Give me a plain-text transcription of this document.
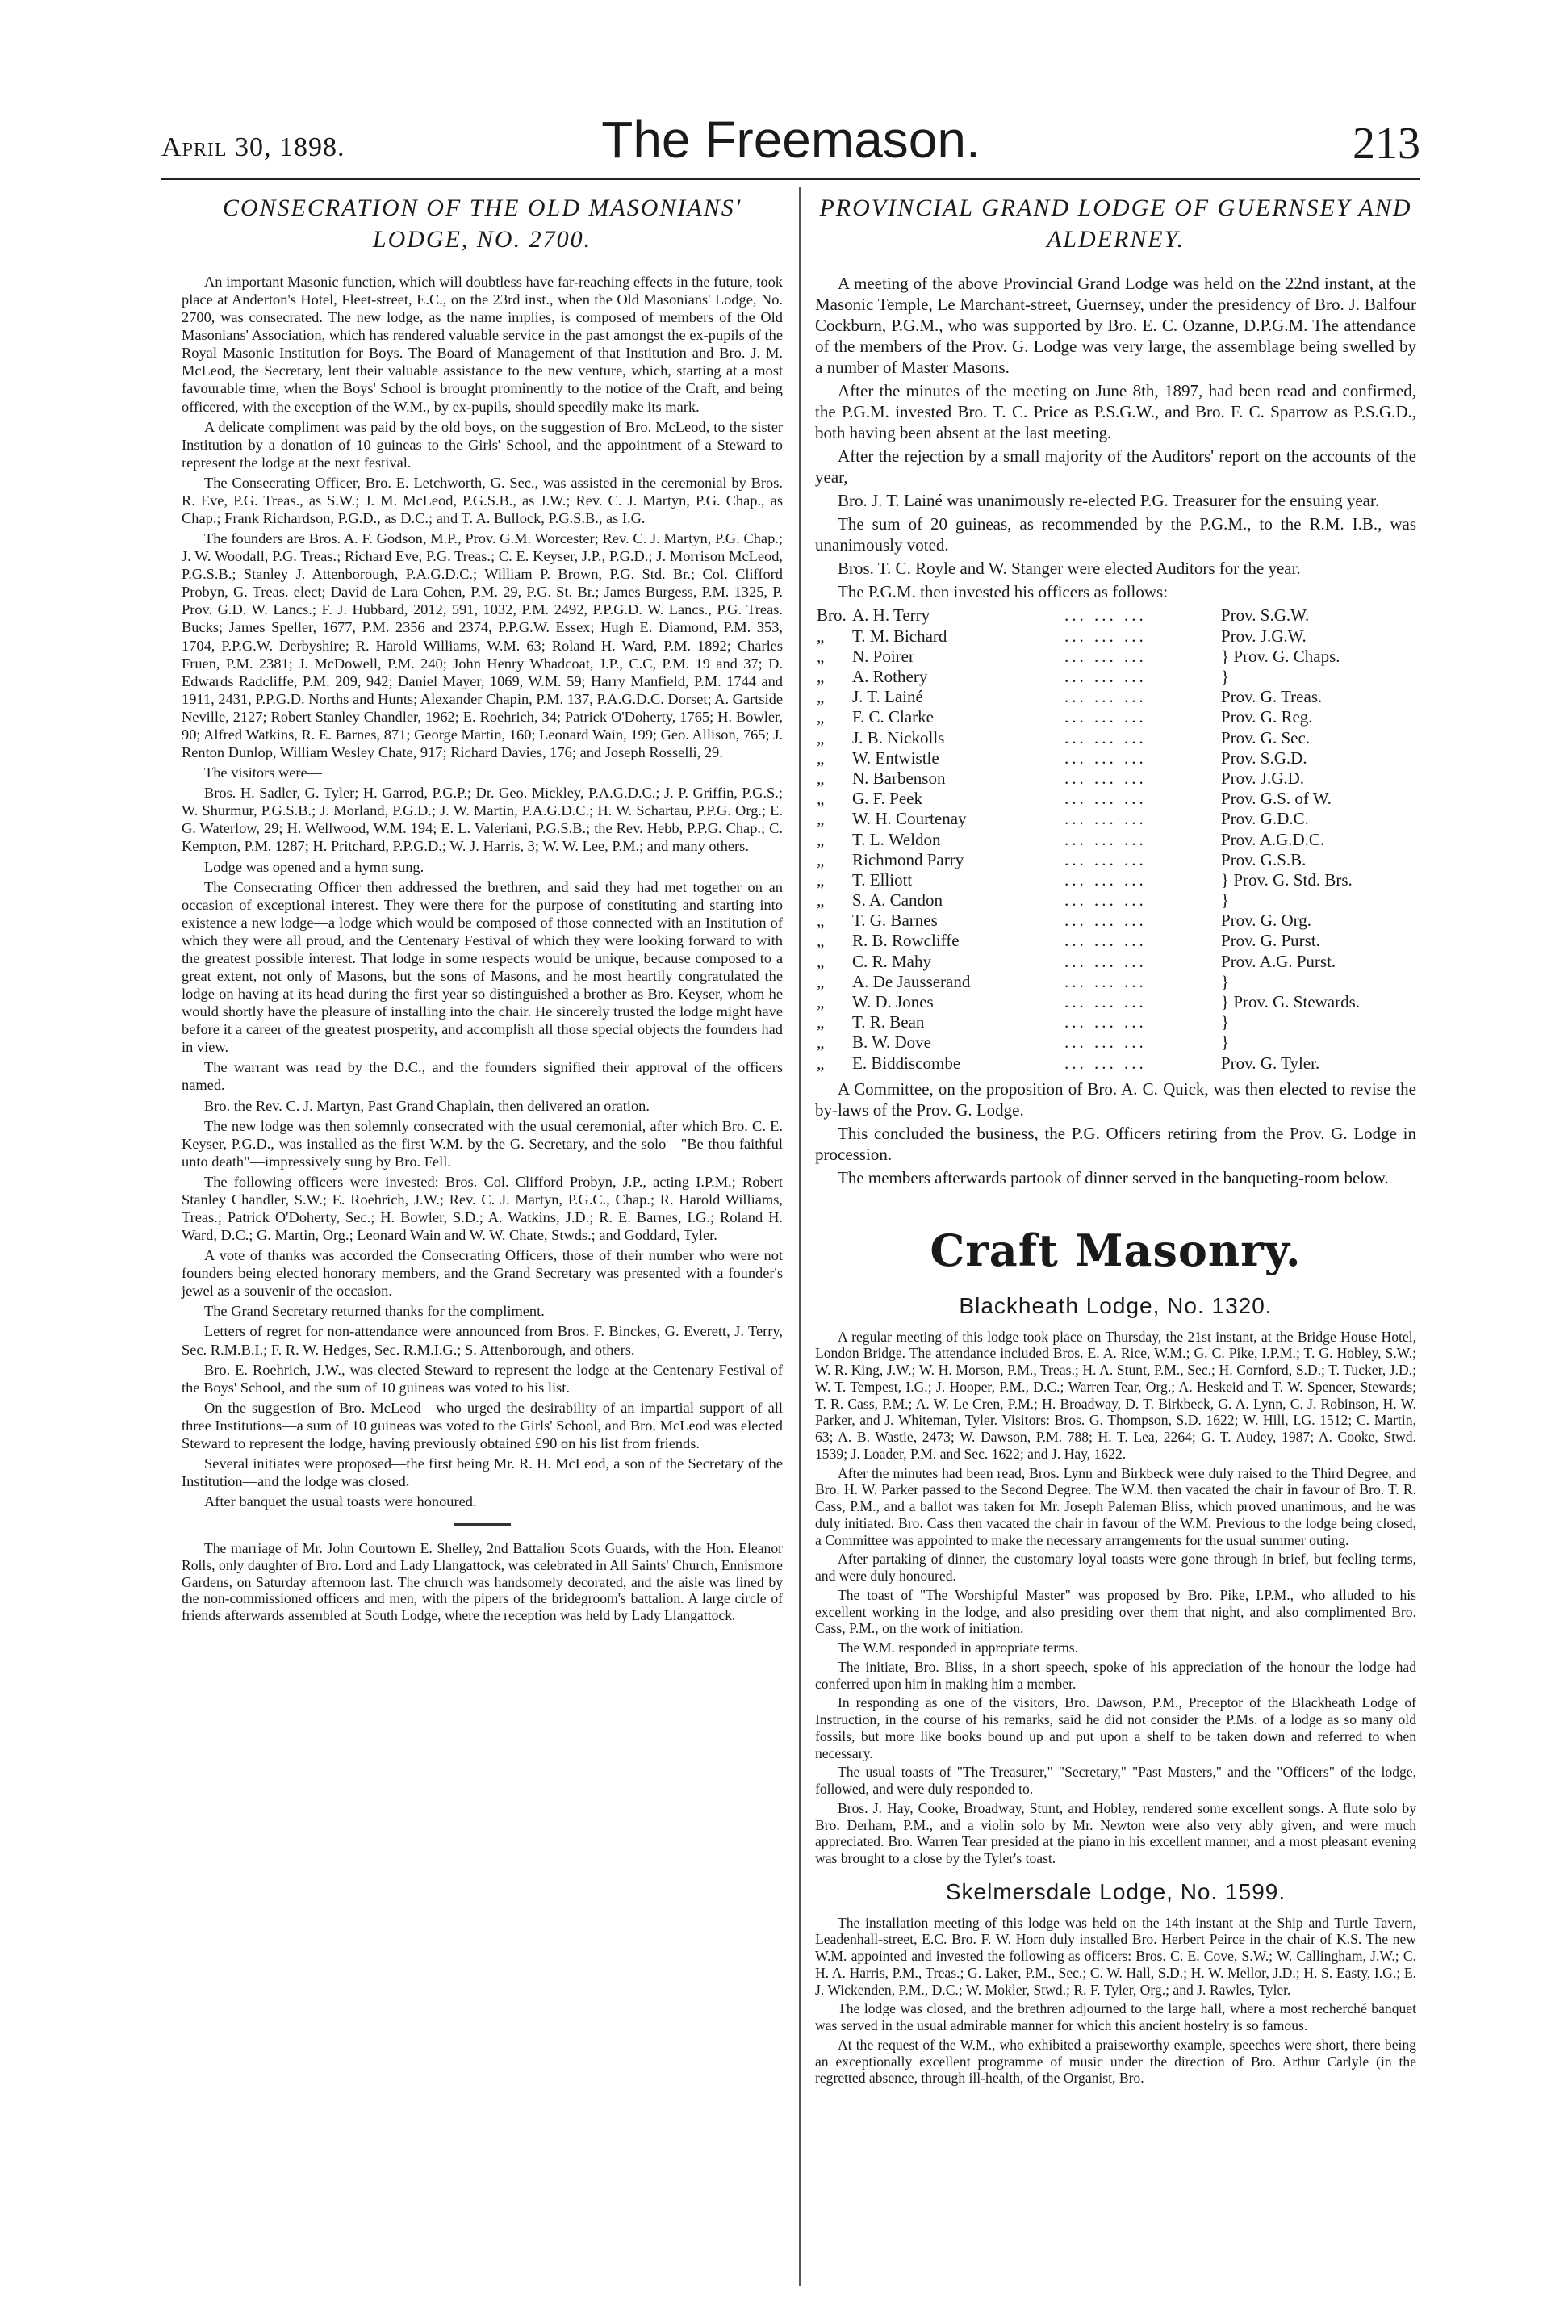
April 30, 1898.	The Freemason.	213
CONSECRATION OF THE OLD MASONIANS' LODGE, NO. 2700.

An important Masonic function, which will doubtless have far-reaching effects in the future, took place at Anderton's Hotel, Fleet-street, E.C., on the 23rd inst., when the Old Masonians' Lodge, No. 2700, was consecrated. The new lodge, as the name implies, is composed of members of the Old Masonians' Association, which has rendered valuable service in the past amongst the ex-pupils of the Royal Masonic Institution for Boys. The Board of Management of that Institution and Bro. J. M. McLeod, the Secretary, lent their valuable assistance to the new venture, which, starting at a most favourable time, when the Boys' School is brought prominently to the notice of the Craft, and being officered, with the exception of the W.M., by ex-pupils, should speedily make its mark.

A delicate compliment was paid by the old boys, on the suggestion of Bro. McLeod, to the sister Institution by a donation of 10 guineas to the Girls' School, and the appointment of a Steward to represent the lodge at the next festival.

The Consecrating Officer, Bro. E. Letchworth, G. Sec., was assisted in the ceremonial by Bros. R. Eve, P.G. Treas., as S.W.; J. M. McLeod, P.G.S.B., as J.W.; Rev. C. J. Martyn, P.G. Chap., as Chap.; Frank Richardson, P.G.D., as D.C.; and T. A. Bullock, P.G.S.B., as I.G.

The founders are Bros. A. F. Godson, M.P., Prov. G.M. Worcester; Rev. C. J. Martyn, P.G. Chap.; J. W. Woodall, P.G. Treas.; Richard Eve, P.G. Treas.; C. E. Keyser, J.P., P.G.D.; J. Morrison McLeod, P.G.S.B.; Stanley J. Attenborough, P.A.G.D.C.; William P. Brown, P.G. Std. Br.; Col. Clifford Probyn, G. Treas. elect; David de Lara Cohen, P.M. 29, P.G. St. Br.; James Burgess, P.M. 1325, P. Prov. G.D. W. Lancs.; F. J. Hubbard, 2012, 591, 1032, P.M. 2492, P.P.G.D. W. Lancs., P.G. Treas. Bucks; James Speller, 1677, P.M. 2356 and 2374, P.P.G.W. Essex; Hugh E. Diamond, P.M. 353, 1704, P.P.G.W. Derbyshire; R. Harold Williams, W.M. 63; Roland H. Ward, P.M. 1892; Charles Fruen, P.M. 2381; J. McDowell, P.M. 240; John Henry Whadcoat, J.P., C.C, P.M. 19 and 37; D. Edwards Radcliffe, P.M. 209, 942; Daniel Mayer, 1069, W.M. 59; Harry Manfield, P.M. 1744 and 1911, 2431, P.P.G.D. Norths and Hunts; Alexander Chapin, P.M. 137, P.A.G.D.C. Dorset; A. Gartside Neville, 2127; Robert Stanley Chandler, 1962; E. Roehrich, 34; Patrick O'Doherty, 1765; H. Bowler, 90; Alfred Watkins, R. E. Barnes, 871; George Martin, 160; Leonard Wain, 199; Geo. Allison, 765; J. Renton Dunlop, William Wesley Chate, 917; Richard Davies, 176; and Joseph Rosselli, 29.

The visitors were—

Bros. H. Sadler, G. Tyler; H. Garrod, P.G.P.; Dr. Geo. Mickley, P.A.G.D.C.; J. P. Griffin, P.G.S.; W. Shurmur, P.G.S.B.; J. Morland, P.G.D.; J. W. Martin, P.A.G.D.C.; H. W. Schartau, P.P.G. Org.; E. G. Waterlow, 29; H. Wellwood, W.M. 194; E. L. Valeriani, P.G.S.B.; the Rev. Hebb, P.P.G. Chap.; C. Kempton, P.M. 1287; H. Pritchard, P.P.G.D.; W. J. Harris, 3; W. W. Lee, P.M.; and many others.

Lodge was opened and a hymn sung.

The Consecrating Officer then addressed the brethren, and said they had met together on an occasion of exceptional interest. They were there for the purpose of constituting and starting into existence a new lodge—a lodge which would be composed of those connected with an Institution of which they were all proud, and the Centenary Festival of which they were looking forward to with the greatest possible interest. That lodge in some respects would be unique, because composed to a great extent, not only of Masons, but the sons of Masons, and he most heartily congratulated the lodge on having at its head during the first year so distinguished a brother as Bro. Keyser, whom he would shortly have the pleasure of installing into the chair. He sincerely trusted the lodge might have before it a career of the greatest prosperity, and accomplish all those special objects the founders had in view.

The warrant was read by the D.C., and the founders signified their approval of the officers named.

Bro. the Rev. C. J. Martyn, Past Grand Chaplain, then delivered an oration.

The new lodge was then solemnly consecrated with the usual ceremonial, after which Bro. C. E. Keyser, P.G.D., was installed as the first W.M. by the G. Secretary, and the solo—"Be thou faithful unto death"—impressively sung by Bro. Fell.

The following officers were invested: Bros. Col. Clifford Probyn, J.P., acting I.P.M.; Robert Stanley Chandler, S.W.; E. Roehrich, J.W.; Rev. C. J. Martyn, P.G.C., Chap.; R. Harold Williams, Treas.; Patrick O'Doherty, Sec.; H. Bowler, S.D.; A. Watkins, J.D.; R. E. Barnes, I.G.; Roland H. Ward, D.C.; G. Martin, Org.; Leonard Wain and W. W. Chate, Stwds.; and Goddard, Tyler.

A vote of thanks was accorded the Consecrating Officers, those of their number who were not founders being elected honorary members, and the Grand Secretary was presented with a founder's jewel as a souvenir of the occasion.

The Grand Secretary returned thanks for the compliment.

Letters of regret for non-attendance were announced from Bros. F. Binckes, G. Everett, J. Terry, Sec. R.M.B.I.; F. R. W. Hedges, Sec. R.M.I.G.; S. Attenborough, and others.

Bro. E. Roehrich, J.W., was elected Steward to represent the lodge at the Centenary Festival of the Boys' School, and the sum of 10 guineas was voted to his list.

On the suggestion of Bro. McLeod—who urged the desirability of an impartial support of all three Institutions—a sum of 10 guineas was voted to the Girls' School, and Bro. McLeod was elected Steward to represent the lodge, having previously obtained £90 on his list from friends.

Several initiates were proposed—the first being Mr. R. H. McLeod, a son of the Secretary of the Institution—and the lodge was closed.

After banquet the usual toasts were honoured.

The marriage of Mr. John Courtown E. Shelley, 2nd Battalion Scots Guards, with the Hon. Eleanor Rolls, only daughter of Bro. Lord and Lady Llangattock, was celebrated in All Saints' Church, Ennismore Gardens, on Saturday afternoon last. The church was handsomely decorated, and the aisle was lined by the non-commissioned officers and men, with the pipers of the bridegroom's battalion. A large circle of friends afterwards assembled at South Lodge, where the reception was held by Lady Llangattock.

PROVINCIAL GRAND LODGE OF GUERNSEY AND ALDERNEY.

A meeting of the above Provincial Grand Lodge was held on the 22nd instant, at the Masonic Temple, Le Marchant-street, Guernsey, under the presidency of Bro. J. Balfour Cockburn, P.G.M., who was supported by Bro. E. C. Ozanne, D.P.G.M. The attendance of the members of the Prov. G. Lodge was very large, the assemblage being swelled by a number of Master Masons.

After the minutes of the meeting on June 8th, 1897, had been read and confirmed, the P.G.M. invested Bro. T. C. Price as P.S.G.W., and Bro. F. C. Sparrow as P.S.G.D., both having been absent at the last meeting.

After the rejection by a small majority of the Auditors' report on the accounts of the year,

Bro. J. T. Lainé was unanimously re-elected P.G. Treasurer for the ensuing year.

The sum of 20 guineas, as recommended by the P.G.M., to the R.M. I.B., was unanimously voted.

Bros. T. C. Royle and W. Stanger were elected Auditors for the year.

The P.G.M. then invested his officers as follows:

Bro.	A. H. Terry	... ... ...	Prov. S.G.W.
„	T. M. Bichard	... ... ...	Prov. J.G.W.
„	N. Poirer	... ... ...	} Prov. G. Chaps.
„	A. Rothery	... ... ...	}
„	J. T. Lainé	... ... ...	Prov. G. Treas.
„	F. C. Clarke	... ... ...	Prov. G. Reg.
„	J. B. Nickolls	... ... ...	Prov. G. Sec.
„	W. Entwistle	... ... ...	Prov. S.G.D.
„	N. Barbenson	... ... ...	Prov. J.G.D.
„	G. F. Peek	... ... ...	Prov. G.S. of W.
„	W. H. Courtenay	... ... ...	Prov. G.D.C.
„	T. L. Weldon	... ... ...	Prov. A.G.D.C.
„	Richmond Parry	... ... ...	Prov. G.S.B.
„	T. Elliott	... ... ...	} Prov. G. Std. Brs.
„	S. A. Candon	... ... ...	}
„	T. G. Barnes	... ... ...	Prov. G. Org.
„	R. B. Rowcliffe	... ... ...	Prov. G. Purst.
„	C. R. Mahy	... ... ...	Prov. A.G. Purst.
„	A. De Jausserand	... ... ...	}
„	W. D. Jones	... ... ...	} Prov. G. Stewards.
„	T. R. Bean	... ... ...	}
„	B. W. Dove	... ... ...	}
„	E. Biddiscombe	... ... ...	Prov. G. Tyler.

A Committee, on the proposition of Bro. A. C. Quick, was then elected to revise the by-laws of the Prov. G. Lodge.

This concluded the business, the P.G. Officers retiring from the Prov. G. Lodge in procession.

The members afterwards partook of dinner served in the banqueting-room below.

Craft Masonry.
Blackheath Lodge, No. 1320.

A regular meeting of this lodge took place on Thursday, the 21st instant, at the Bridge House Hotel, London Bridge. The attendance included Bros. E. A. Rice, W.M.; G. C. Pike, I.P.M.; T. G. Hobley, S.W.; W. R. King, J.W.; W. H. Morson, P.M., Treas.; H. A. Stunt, P.M., Sec.; H. Cornford, S.D.; T. Tucker, J.D.; W. T. Tempest, I.G.; J. Hooper, P.M., D.C.; Warren Tear, Org.; A. Heskeid and T. W. Spencer, Stewards; T. R. Cass, P.M.; A. W. Le Cren, P.M.; H. Broadway, D. T. Birkbeck, G. A. Lynn, C. J. Robinson, H. W. Parker, and J. Whiteman, Tyler. Visitors: Bros. G. Thompson, S.D. 1622; W. Hill, I.G. 1512; C. Martin, 63; A. B. Wastie, 2473; W. Dawson, P.M. 788; H. T. Lea, 2264; G. T. Audey, 1987; A. Cooke, Stwd. 1539; J. Loader, P.M. and Sec. 1622; and J. Hay, 1622.

After the minutes had been read, Bros. Lynn and Birkbeck were duly raised to the Third Degree, and Bro. H. W. Parker passed to the Second Degree. The W.M. then vacated the chair in favour of Bro. T. R. Cass, P.M., and a ballot was taken for Mr. Joseph Paleman Bliss, which proved unanimous, and he was duly initiated. Bro. Cass then vacated the chair in favour of the W.M. Previous to the lodge being closed, a Committee was appointed to make the necessary arrangements for the usual summer outing.

After partaking of dinner, the customary loyal toasts were gone through in brief, but feeling terms, and were duly honoured.

The toast of "The Worshipful Master" was proposed by Bro. Pike, I.P.M., who alluded to his excellent working in the lodge, and also presiding over them that night, and also complimented Bro. Cass, P.M., on the work of initiation.

The W.M. responded in appropriate terms.

The initiate, Bro. Bliss, in a short speech, spoke of his appreciation of the honour the lodge had conferred upon him in making him a member.

In responding as one of the visitors, Bro. Dawson, P.M., Preceptor of the Blackheath Lodge of Instruction, in the course of his remarks, said he did not consider the P.Ms. of a lodge as so many old fossils, but more like books bound up and put upon a shelf to be taken down and referred to when necessary.

The usual toasts of "The Treasurer," "Secretary," "Past Masters," and the "Officers" of the lodge, followed, and were duly responded to.

Bros. J. Hay, Cooke, Broadway, Stunt, and Hobley, rendered some excellent songs. A flute solo by Bro. Derham, P.M., and a violin solo by Mr. Newton were also very ably given, and were much appreciated. Bro. Warren Tear presided at the piano in his excellent manner, and a most pleasant evening was brought to a close by the Tyler's toast.

Skelmersdale Lodge, No. 1599.

The installation meeting of this lodge was held on the 14th instant at the Ship and Turtle Tavern, Leadenhall-street, E.C. Bro. F. W. Horn duly installed Bro. Herbert Peirce in the chair of K.S. The new W.M. appointed and invested the following as officers: Bros. C. E. Cove, S.W.; W. Callingham, J.W.; C. H. A. Harris, P.M., Treas.; G. Laker, P.M., Sec.; C. W. Hall, S.D.; H. W. Mellor, J.D.; H. S. Easty, I.G.; E. J. Wickenden, P.M., D.C.; W. Mokler, Stwd.; R. F. Tyler, Org.; and J. Rawles, Tyler.

The lodge was closed, and the brethren adjourned to the large hall, where a most recherché banquet was served in the usual admirable manner for which this ancient hostelry is so famous.

At the request of the W.M., who exhibited a praiseworthy example, speeches were short, there being an exceptionally excellent programme of music under the direction of Bro. Arthur Carlyle (in the regretted absence, through ill-health, of the Organist, Bro.
